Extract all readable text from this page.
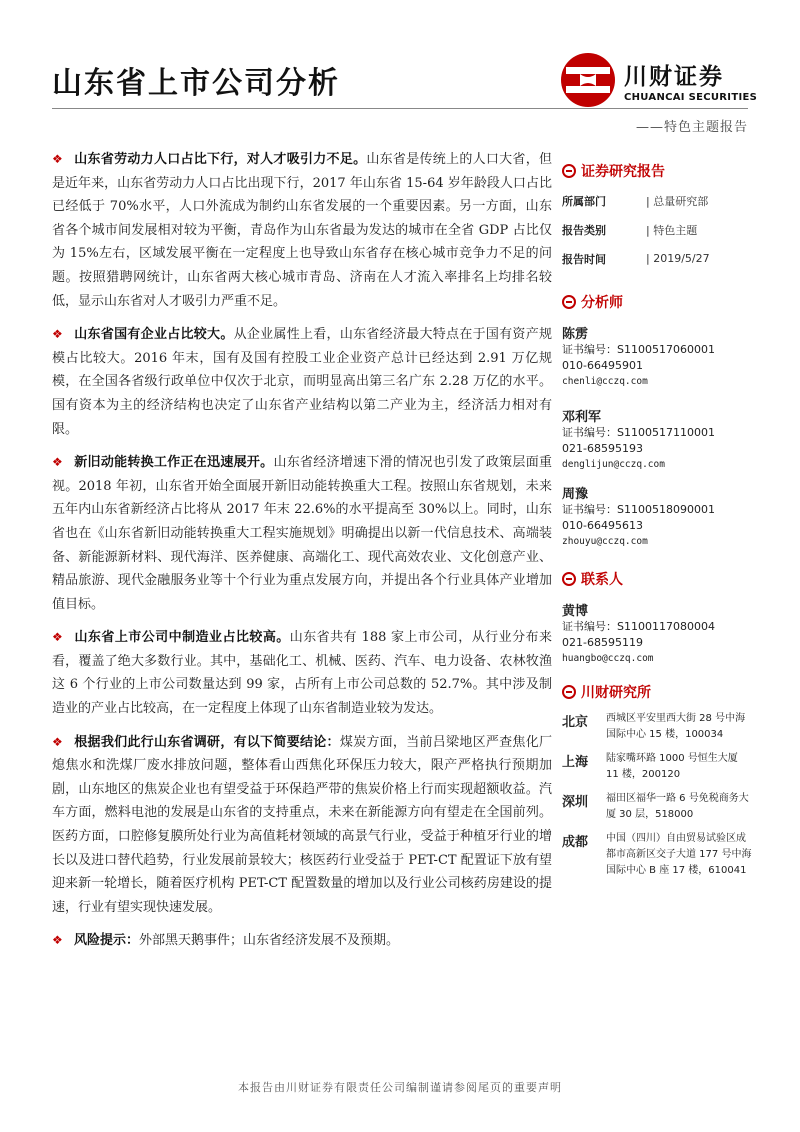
山东省上市公司分析	川财证券
CHUANCAI SECURITIES
——特色主题报告

❖ 山东省劳动力人口占比下行，对人才吸引力不足。山东省是传统上的人口大省，但是近年来，山东省劳动力人口占比出现下行，2017 年山东省 15-64 岁年龄段人口占比已经低于 70%水平，人口外流成为制约山东省发展的一个重要因素。另一方面，山东省各个城市间发展相对较为平衡，青岛作为山东省最为发达的城市在全省 GDP 占比仅为 15%左右，区域发展平衡在一定程度上也导致山东省存在核心城市竞争力不足的问题。按照猎聘网统计，山东省两大核心城市青岛、济南在人才流入率排名上均排名较低，显示山东省对人才吸引力严重不足。

❖ 山东省国有企业占比较大。从企业属性上看，山东省经济最大特点在于国有资产规模占比较大。2016 年末，国有及国有控股工业企业资产总计已经达到 2.91 万亿规模，在全国各省级行政单位中仅次于北京，而明显高出第三名广东 2.28 万亿的水平。国有资本为主的经济结构也决定了山东省产业结构以第二产业为主，经济活力相对有限。

❖ 新旧动能转换工作正在迅速展开。山东省经济增速下滑的情况也引发了政策层面重视。2018 年初，山东省开始全面展开新旧动能转换重大工程。按照山东省规划，未来五年内山东省新经济占比将从 2017 年末 22.6%的水平提高至 30%以上。同时，山东省也在《山东省新旧动能转换重大工程实施规划》明确提出以新一代信息技术、高端装备、新能源新材料、现代海洋、医养健康、高端化工、现代高效农业、文化创意产业、精品旅游、现代金融服务业等十个行业为重点发展方向，并提出各个行业具体产业增加值目标。

❖ 山东省上市公司中制造业占比较高。山东省共有 188 家上市公司，从行业分布来看，覆盖了绝大多数行业。其中，基础化工、机械、医药、汽车、电力设备、农林牧渔这 6 个行业的上市公司数量达到 99 家，占所有上市公司总数的 52.7%。其中涉及制造业的产业占比较高，在一定程度上体现了山东省制造业较为发达。

❖ 根据我们此行山东省调研，有以下简要结论：煤炭方面，当前吕梁地区严查焦化厂熄焦水和洗煤厂废水排放问题，整体看山西焦化环保压力较大，限产严格执行预期加剧，山东地区的焦炭企业也有望受益于环保趋严带的焦炭价格上行而实现超额收益。汽车方面，燃料电池的发展是山东省的支持重点，未来在新能源方向有望走在全国前列。医药方面，口腔修复膜所处行业为高值耗材领域的高景气行业，受益于种植牙行业的增长以及进口替代趋势，行业发展前景较大；核医药行业受益于 PET-CT 配置证下放有望迎来新一轮增长，随着医疗机构 PET-CT 配置数量的增加以及行业公司核药房建设的提速，行业有望实现快速发展。

❖ 风险提示：外部黑天鹅事件；山东省经济发展不及预期。

证券研究报告
所属部门	| 总量研究部
报告类别	| 特色主题
报告时间	| 2019/5/27
分析师
陈雳
证书编号：S1100517060001
010-66495901
chenli@cczq.com
邓利军
证书编号：S1100517110001
021-68595193
denglijun@cczq.com
周豫
证书编号：S1100518090001
010-66495613
zhouyu@cczq.com
联系人
黄博
证书编号：S1100117080004
021-68595119
huangbo@cczq.com
川财研究所
北京	西城区平安里西大街 28 号中海国际中心 15 楼，100034
上海	陆家嘴环路 1000 号恒生大厦 11 楼，200120
深圳	福田区福华一路 6 号免税商务大厦 30 层，518000
成都	中国（四川）自由贸易试验区成都市高新区交子大道 177 号中海国际中心 B 座 17 楼，610041
本报告由川财证券有限责任公司编制谨请参阅尾页的重要声明
